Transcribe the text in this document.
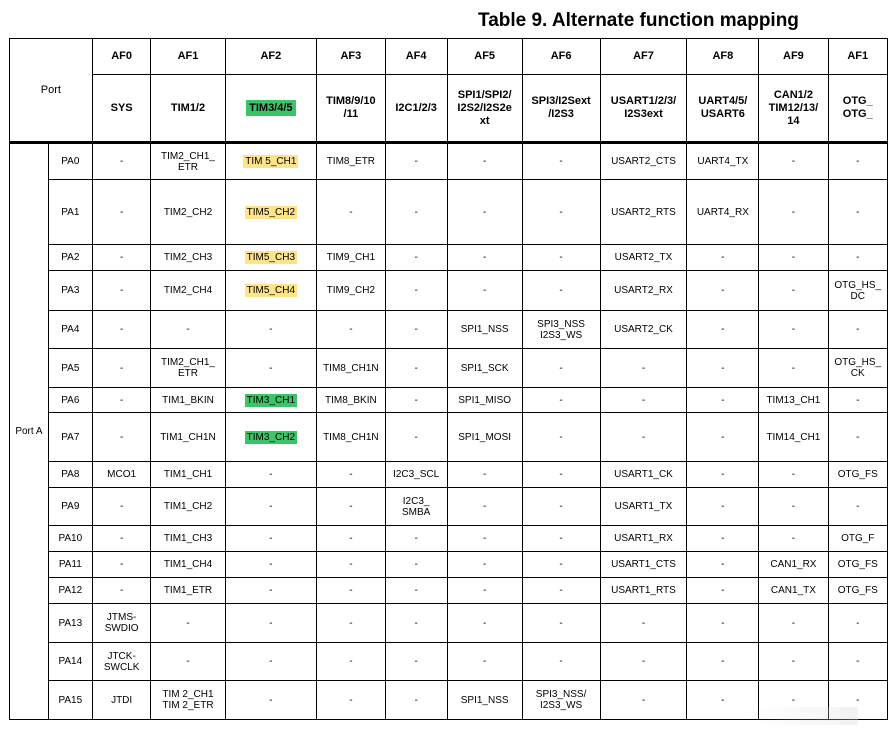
Table 9. Alternate function mapping
Port		AF0	AF1	AF2	AF3	AF4	AF5	AF6	AF7	AF8	AF9	AF1
		SYS	TIM1/2	TIM3/4/5	TIM8/9/10
/11	I2C1/2/3	SPI1/SPI2/
I2S2/I2S2e
xt	SPI3/I2Sext
/I2S3	USART1/2/3/
I2S3ext	UART4/5/
USART6	CAN1/2
TIM12/13/
14	OTG_
OTG_
Port A	PA0	-	TIM2_CH1_
ETR	TIM 5_CH1	TIM8_ETR	-	-	-	USART2_CTS	UART4_TX	-	-
	PA1	-	TIM2_CH2	TIM5_CH2	-	-	-	-	USART2_RTS	UART4_RX	-	-
	PA2	-	TIM2_CH3	TIM5_CH3	TIM9_CH1	-	-	-	USART2_TX	-	-	-
	PA3	-	TIM2_CH4	TIM5_CH4	TIM9_CH2	-	-	-	USART2_RX	-	-	OTG_HS_
DC
	PA4	-	-	-	-	-	SPI1_NSS	SPI3_NSS
I2S3_WS	USART2_CK	-	-	-
	PA5	-	TIM2_CH1_
ETR	-	TIM8_CH1N	-	SPI1_SCK	-	-	-	-	OTG_HS_
CK
	PA6	-	TIM1_BKIN	TIM3_CH1	TIM8_BKIN	-	SPI1_MISO	-	-	-	TIM13_CH1	-
	PA7	-	TIM1_CH1N	TIM3_CH2	TIM8_CH1N	-	SPI1_MOSI	-	-	-	TIM14_CH1	-
	PA8	MCO1	TIM1_CH1	-	-	I2C3_SCL	-	-	USART1_CK	-	-	OTG_FS
	PA9	-	TIM1_CH2	-	-	I2C3_
SMBA	-	-	USART1_TX	-	-	-
	PA10	-	TIM1_CH3	-	-	-	-	-	USART1_RX	-	-	OTG_F
	PA11	-	TIM1_CH4	-	-	-	-	-	USART1_CTS	-	CAN1_RX	OTG_FS
	PA12	-	TIM1_ETR	-	-	-	-	-	USART1_RTS	-	CAN1_TX	OTG_FS
	PA13	JTMS-
SWDIO	-	-	-	-	-	-	-	-	-	-
	PA14	JTCK-
SWCLK	-	-	-	-	-	-	-	-	-	-
	PA15	JTDI	TIM 2_CH1
TIM 2_ETR	-	-	-	SPI1_NSS	SPI3_NSS/
I2S3_WS	-	-	-	-
